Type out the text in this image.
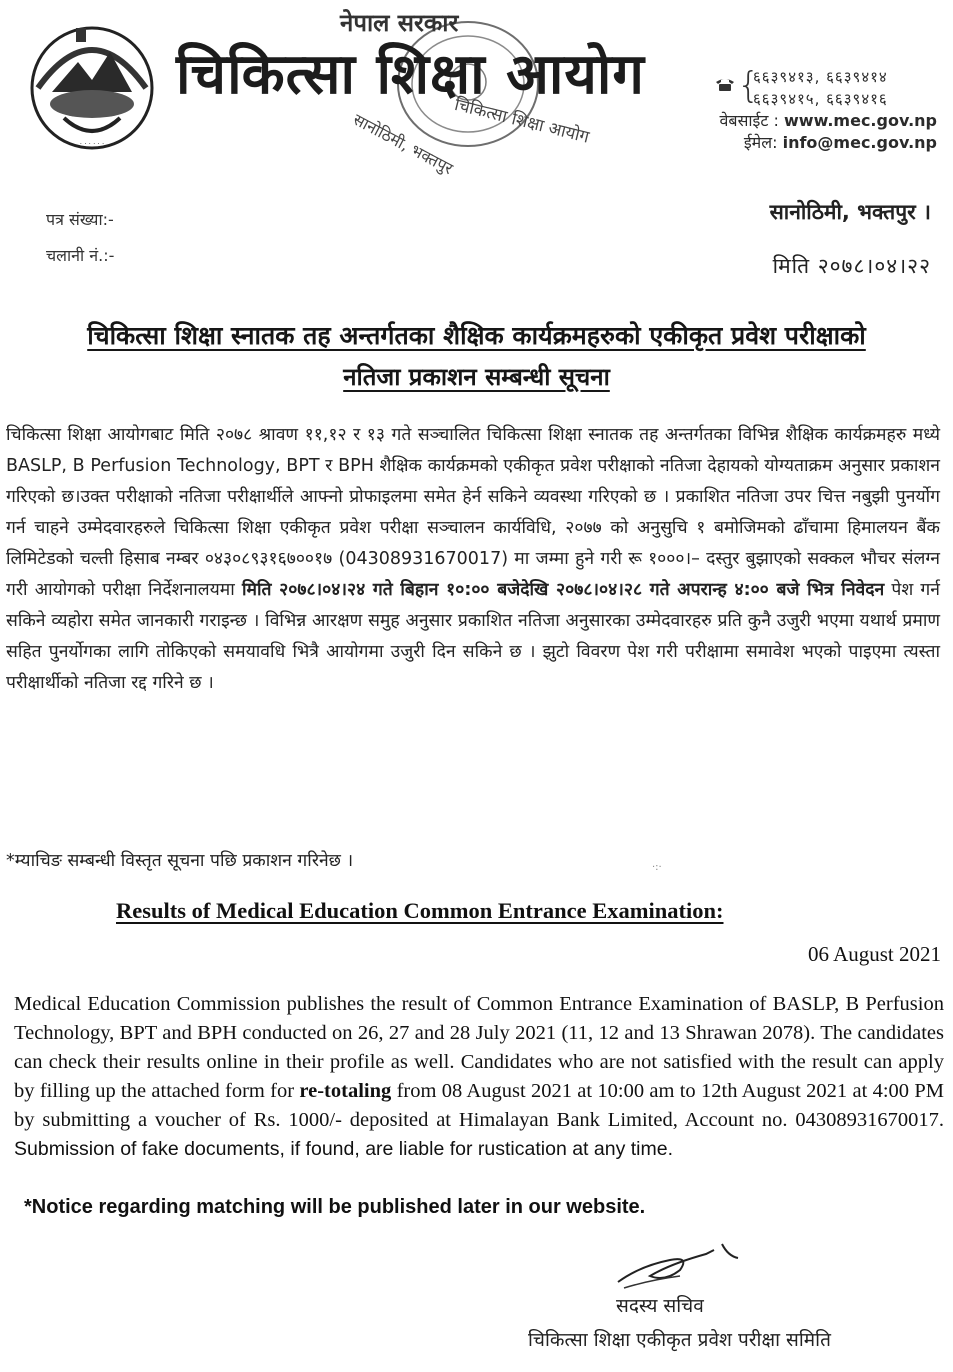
· · · · · ·
नेपाल सरकार
चिकित्सा शिक्षा आयोग
सानोठिमी, भक्तपुर
चिकित्सा शिक्षा आयोग	{
६६३९४१३, ६६३९४१४
६६३९४१५, ६६३९४१६
वेबसाईट : www.mec.gov.np
ईमेल: info@mec.gov.np
पत्र संख्या:-
चलानी नं.:-
सानोठिमी, भक्तपुर ।
मिति २०७८।०४।२२
चिकित्सा शिक्षा स्नातक तह अन्तर्गतका शैक्षिक कार्यक्रमहरुको एकीकृत प्रवेश परीक्षाको
नतिजा प्रकाशन सम्बन्धी सूचना
चिकित्सा शिक्षा आयोगबाट मिति २०७८ श्रावण ११,१२ र १३ गते सञ्चालित चिकित्सा शिक्षा स्नातक तह अन्तर्गतका विभिन्न शैक्षिक कार्यक्रमहरु मध्ये BASLP, B Perfusion Technology, BPT र BPH शैक्षिक कार्यक्रमको एकीकृत प्रवेश परीक्षाको नतिजा देहायको योग्यताक्रम अनुसार प्रकाशन गरिएको छ।उक्त परीक्षाको नतिजा परीक्षार्थीले आफ्नो प्रोफाइलमा समेत हेर्न सकिने व्यवस्था गरिएको छ । प्रकाशित नतिजा उपर चित्त नबुझी पुनर्योग गर्न चाहने उम्मेदवारहरुले चिकित्सा शिक्षा एकीकृत प्रवेश परीक्षा सञ्चालन कार्यविधि, २०७७ को अनुसुचि १ बमोजिमको ढाँचामा हिमालयन बैंक लिमिटेडको चल्ती हिसाब नम्बर ०४३०८९३१६७००१७ (04308931670017) मा जम्मा हुने गरी रू १०००।– दस्तुर बुझाएको सक्कल भौचर संलग्न गरी आयोगको परीक्षा निर्देशनालयमा मिति २०७८।०४।२४ गते बिहान १०:०० बजेदेखि २०७८।०४।२८ गते अपरान्ह ४:०० बजे भित्र निवेदन पेश गर्न सकिने व्यहोरा समेत जानकारी गराइन्छ । विभिन्न आरक्षण समुह अनुसार प्रकाशित नतिजा अनुसारका उम्मेदवारहरु प्रति कुनै उजुरी भएमा यथार्थ प्रमाण सहित पुनर्योगका लागि तोकिएको समयावधि भित्रै आयोगमा उजुरी दिन सकिने छ । झुटो विवरण पेश गरी परीक्षामा समावेश भएको पाइएमा त्यस्ता परीक्षार्थीको नतिजा रद्द गरिने छ ।
*म्याचिङ सम्बन्धी विस्तृत सूचना पछि प्रकाशन गरिनेछ ।	·:·
Results of Medical Education Common Entrance Examination:
06 August 2021
Medical Education Commission publishes the result of Common Entrance Examination of BASLP, B Perfusion Technology, BPT and BPH conducted on 26, 27 and 28 July 2021 (11, 12 and 13 Shrawan 2078). The candidates can check their results online in their profile as well. Candidates who are not satisfied with the result can apply by filling up the attached form for re-totaling from 08 August 2021 at 10:00 am to 12th August 2021 at 4:00 PM by submitting a voucher of Rs. 1000/- deposited at Himalayan Bank Limited, Account no. 04308931670017. Submission of fake documents, if found, are liable for rustication at any time.
*Notice regarding matching will be published later in our website.
सदस्य सचिव
चिकित्सा शिक्षा एकीकृत प्रवेश परीक्षा समिति
